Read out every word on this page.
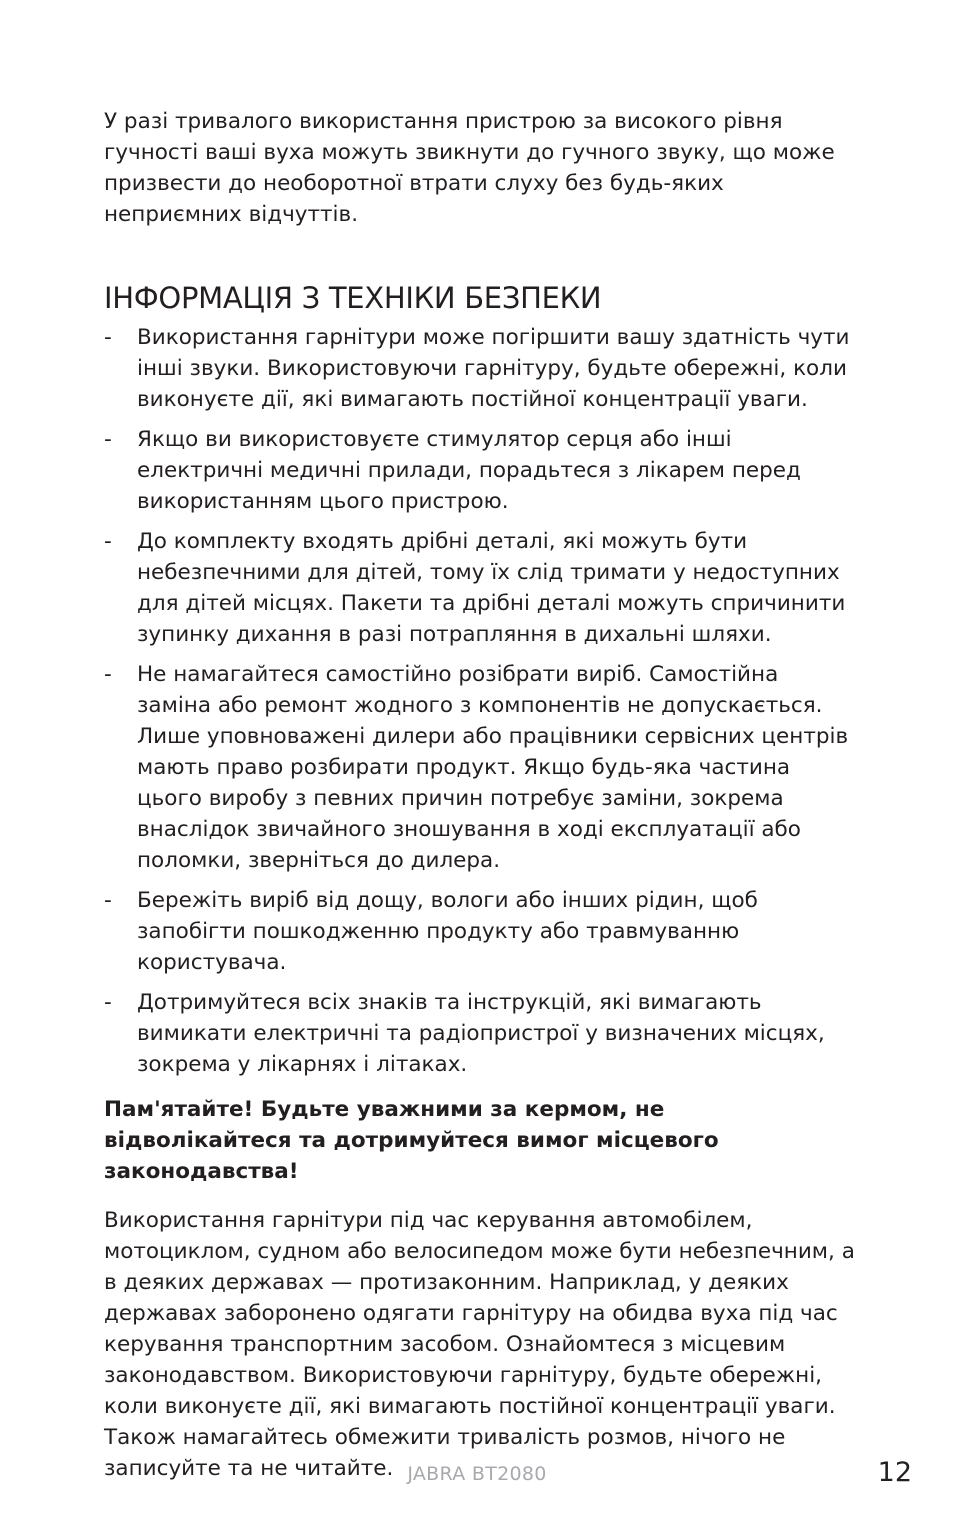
У разі тривалого використання пристрою за високого рівня гучності ваші вуха можуть звикнути до гучного звуку, що може призвести до необоротної втрати слуху без будь-яких неприємних відчуттів.

ІНФОРМАЦІЯ З ТЕХНІКИ БЕЗПЕКИ
- Використання гарнітури може погіршити вашу здатність чути інші звуки. Використовуючи гарнітуру, будьте обережні, коли виконуєте дії, які вимагають постійної концентрації уваги.
- Якщо ви використовуєте стимулятор серця або інші електричні медичні прилади, порадьтеся з лікарем перед використанням цього пристрою.
- До комплекту входять дрібні деталі, які можуть бути небезпечними для дітей, тому їх слід тримати у недоступних для дітей місцях. Пакети та дрібні деталі можуть спричинити зупинку дихання в разі потрапляння в дихальні шляхи.
- Не намагайтеся самостійно розібрати виріб. Самостійна заміна або ремонт жодного з компонентів не допускається. Лише уповноважені дилери або працівники сервісних центрів мають право розбирати продукт. Якщо будь-яка частина цього виробу з певних причин потребує заміни, зокрема внаслідок звичайного зношування в ході експлуатації або поломки, зверніться до дилера.
- Бережіть виріб від дощу, вологи або інших рідин, щоб запобігти пошкодженню продукту або травмуванню користувача.
- Дотримуйтеся всіх знаків та інструкцій, які вимагають вимикати електричні та радіопристрої у визначених місцях, зокрема у лікарнях і літаках.

Пам'ятайте! Будьте уважними за кермом, не відволікайтеся та дотримуйтеся вимог місцевого законодавства!

Використання гарнітури під час керування автомобілем, мотоциклом, судном або велосипедом може бути небезпечним, а в деяких державах — протизаконним. Наприклад, у деяких державах заборонено одягати гарнітуру на обидва вуха під час керування транспортним засобом. Ознайомтеся з місцевим законодавством. Використовуючи гарнітуру, будьте обережні, коли виконуєте дії, які вимагають постійної концентрації уваги. Також намагайтесь обмежити тривалість розмов, нічого не записуйте та не читайте. JABRA BT2080	12
